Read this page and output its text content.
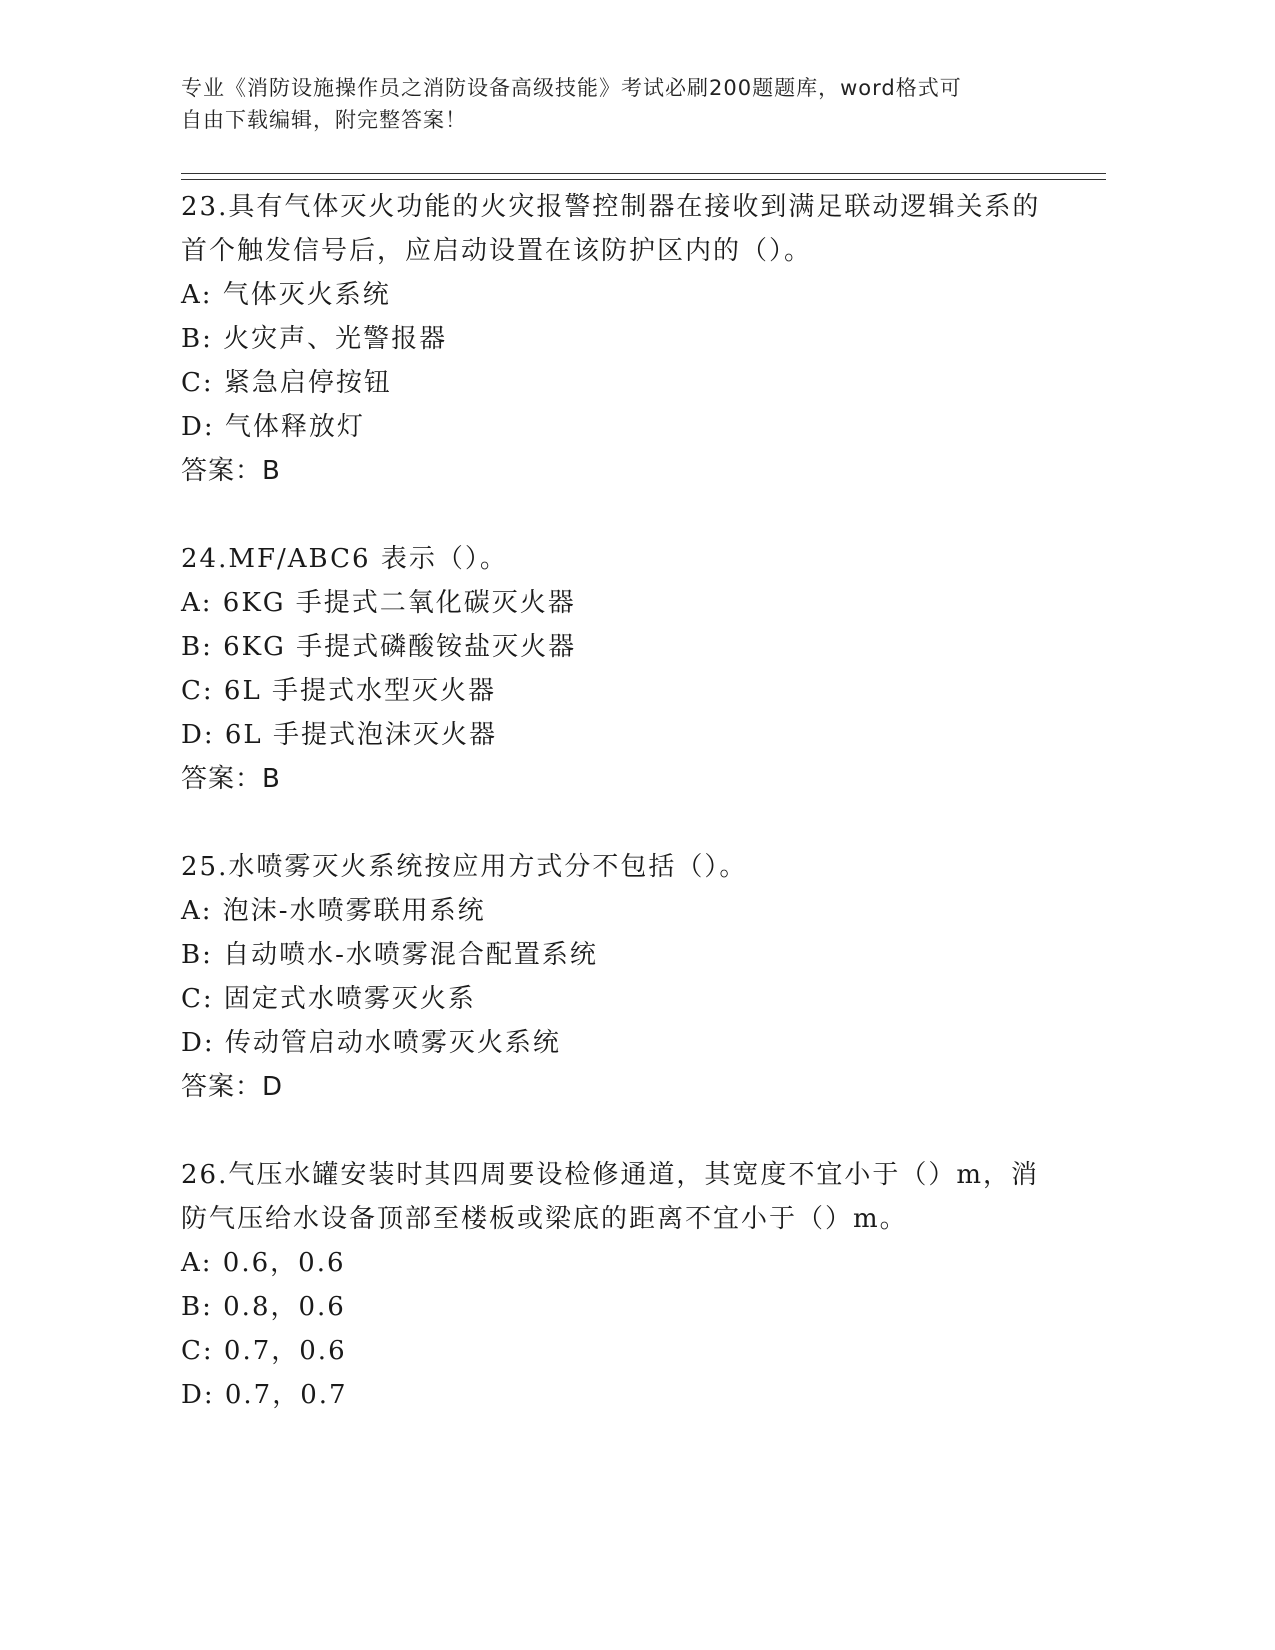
专业《消防设施操作员之消防设备高级技能》考试必刷200题题库，word格式可
自由下载编辑，附完整答案！

23.具有气体灭火功能的火灾报警控制器在接收到满足联动逻辑关系的

首个触发信号后，应启动设置在该防护区内的（）。

A: 气体灭火系统

B: 火灾声、光警报器

C: 紧急启停按钮

D: 气体释放灯

答案：B

24.MF/ABC6 表示（）。

A: 6KG 手提式二氧化碳灭火器

B: 6KG 手提式磷酸铵盐灭火器

C: 6L 手提式水型灭火器

D: 6L 手提式泡沫灭火器

答案：B

25.水喷雾灭火系统按应用方式分不包括（）。

A: 泡沫-水喷雾联用系统

B: 自动喷水-水喷雾混合配置系统

C: 固定式水喷雾灭火系

D: 传动管启动水喷雾灭火系统

答案：D

26.气压水罐安装时其四周要设检修通道，其宽度不宜小于（）m，消

防气压给水设备顶部至楼板或梁底的距离不宜小于（）m。

A: 0.6，0.6

B: 0.8，0.6

C: 0.7，0.6

D: 0.7，0.7
